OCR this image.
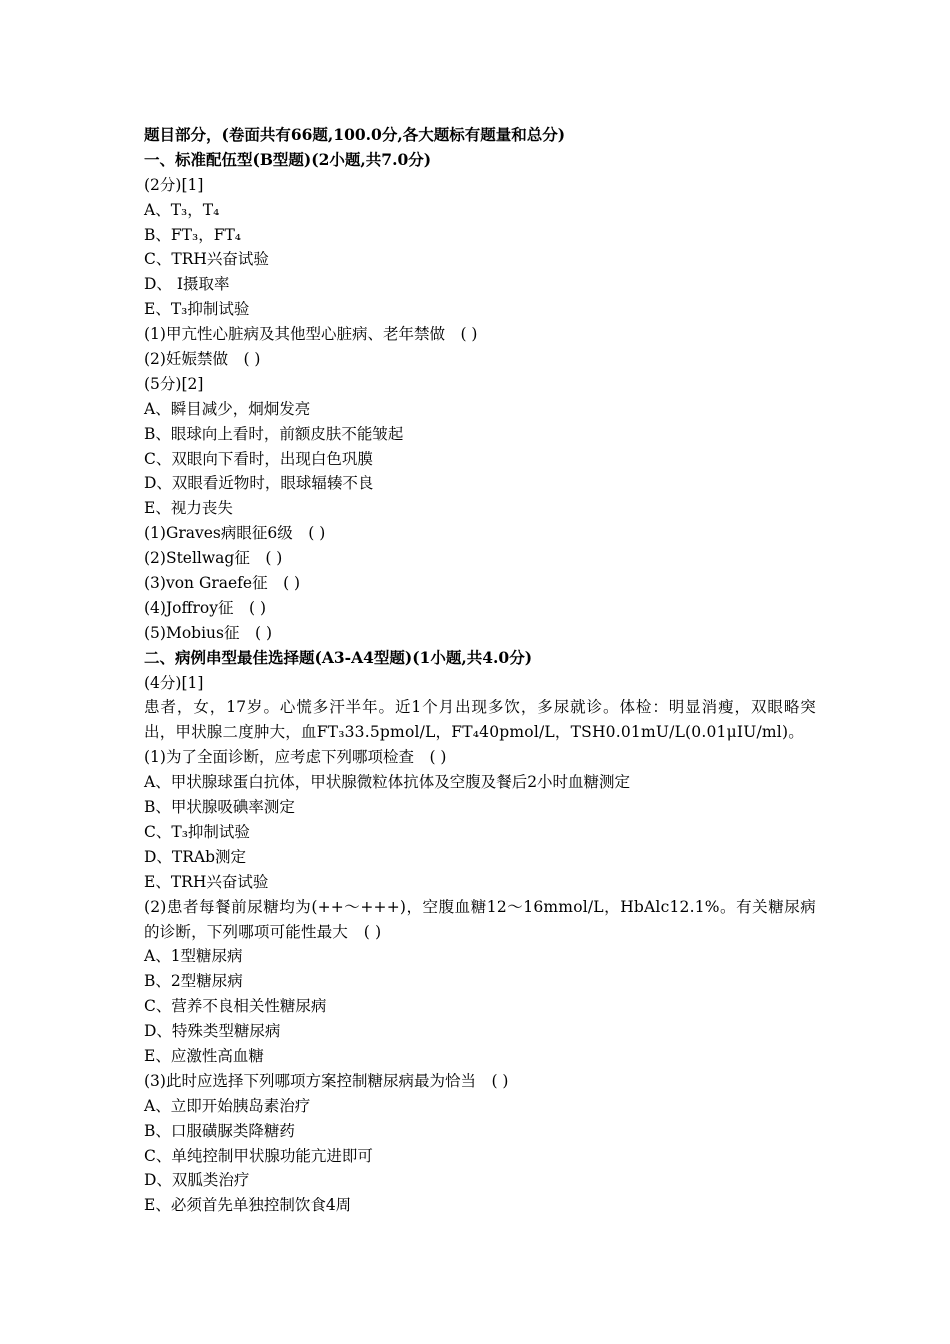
题目部分，(卷面共有66题,100.0分,各大题标有题量和总分)
一、标准配伍型(B型题)(2小题,共7.0分)
(2分)[1]
A、T₃，T₄
B、FT₃，FT₄
C、TRH兴奋试验
D、 I摄取率
E、T₃抑制试验
(1)甲亢性心脏病及其他型心脏病、老年禁做　( )
(2)妊娠禁做　( )
(5分)[2]
A、瞬目减少，炯炯发亮
B、眼球向上看时，前额皮肤不能皱起
C、双眼向下看时，出现白色巩膜
D、双眼看近物时，眼球辐辏不良
E、视力丧失
(1)Graves病眼征6级　( )
(2)Stellwag征　( )
(3)von Graefe征　( )
(4)Joffroy征　( )
(5)Mobius征　( )
二、病例串型最佳选择题(A3-A4型题)(1小题,共4.0分)
(4分)[1]
患者，女，17岁。心慌多汗半年。近1个月出现多饮，多尿就诊。体检：明显消瘦，双眼略突出，甲状腺二度肿大，血FT₃33.5pmol/L，FT₄40pmol/L，TSH0.01mU/L(0.01μIU/ml)。
(1)为了全面诊断，应考虑下列哪项检查　( )
A、甲状腺球蛋白抗体，甲状腺微粒体抗体及空腹及餐后2小时血糖测定
B、甲状腺吸碘率测定
C、T₃抑制试验
D、TRAb测定
E、TRH兴奋试验
(2)患者每餐前尿糖均为(++～+++)，空腹血糖12～16mmol/L，HbAlc12.1%。有关糖尿病的诊断，下列哪项可能性最大　( )
A、1型糖尿病
B、2型糖尿病
C、营养不良相关性糖尿病
D、特殊类型糖尿病
E、应激性高血糖
(3)此时应选择下列哪项方案控制糖尿病最为恰当　( )
A、立即开始胰岛素治疗
B、口服磺脲类降糖药
C、单纯控制甲状腺功能亢进即可
D、双胍类治疗
E、必须首先单独控制饮食4周
